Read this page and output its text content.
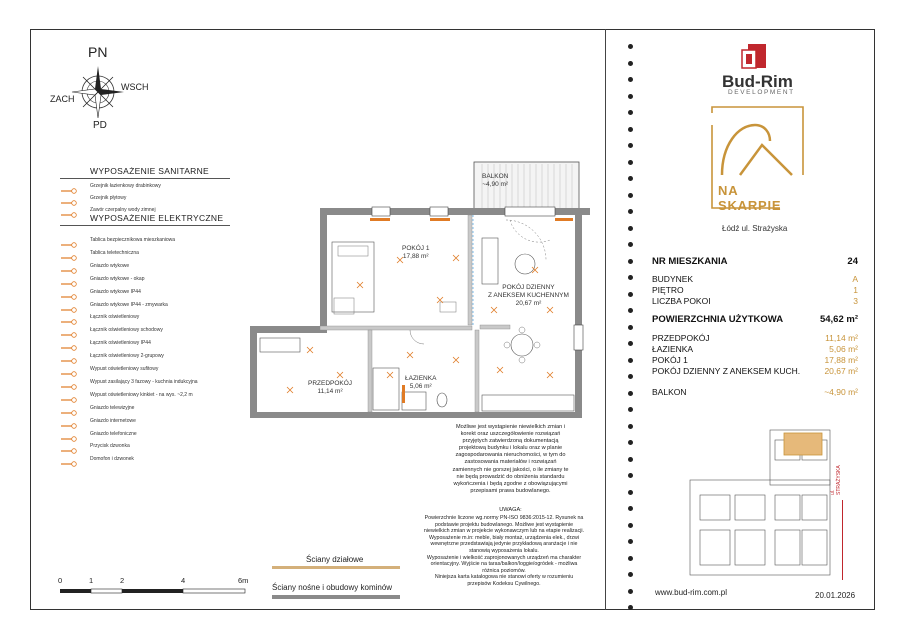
PN
PD
ZACH
WSCH
WYPOSAŻENIE SANITARNE
Grzejnik łazienkowy drabinkowy
Grzejnik płytowy
Zawór czerpalny wody zimnej
WYPOSAŻENIE ELEKTRYCZNE
Tablica bezpiecznikowa mieszkaniowa
Tablica teletechniczna
Gniazdo wtykowe
Gniazdo wtykowe - okap
Gniazdo wtykowe IP44
Gniazdo wtykowe IP44 - zmywarka
Łącznik oświetleniowy
Łącznik oświetleniowy schodowy
Łącznik oświetleniowy IP44
Łącznik oświetleniowy 2-grupowy
Wypust oświetleniowy sufitowy
Wypust zasilający 3 fazowy - kuchnia indukcyjna
Wypust oświetleniowy kinkiet - na wys. ~2,2 m
Gniazdo telewizyjne
Gniazdo internetowe
Gniazdo telefoniczne
Przycisk dzwonka
Domofon i dzwonek
BALKON
~4,90 m²
POKÓJ 1
17,88 m²
POKÓJ DZIENNY
Z ANEKSEM KUCHENNYM
20,67 m²
PRZEDPOKÓJ
11,14 m²
ŁAZIENKA
5,06 m²
Możliwe jest wystąpienie niewielkich zmian i
korekt oraz uszczegółowienie rozwiązań
przyjętych zatwierdzoną dokumentacją
projektową budynku i lokalu oraz w planie
zagospodarowania nieruchomości, w tym do
zastosowania materiałów i rozwiązań
zamiennych nie gorszej jakości, o ile zmiany te
nie będą prowadzić do obniżenia standardu
wykończenia i będą zgodne z obowiązującymi
przepisami prawa budowlanego.
UWAGA:
Powierzchnie liczone wg.normy PN-ISO 9836:2015-12. Rysunek na
podstawie projektu budowlanego. Możliwe jest wystąpienie
niewielkich zmian w projekcie wykonawczym lub na etapie realizacji.
Wyposażenie m.in: meble, biały montaż, urządzenia elek., drzwi
wewnętrzne przedstawiają jedynie przykładową aranżacje i nie
stanowią wyposażenia lokalu.
Wyposażenie i wielkość zaprojonowanych urządzeń ma charakter
orientacyjny. Wyjście na taras/balkon/loggie/ogródek - możliwa
różnica poziomów.
Niniejsza karta katalogowa nie stanowi oferty w rozumieniu
przepisów Kodeksu Cywilnego.
0	1	2	4	6m
Ściany działowe
Ściany nośne i obudowy kominów
Bud-Rim
DEVELOPMENT
NA SKARPIE
Łódź ul. Strażyska
NR MIESZKANIA	24
BUDYNEK	A
PIĘTRO	1
LICZBA POKOI	3
POWIERZCHNIA UŻYTKOWA	54,62 m²
PRZEDPOKÓJ	11,14 m²
ŁAZIENKA	5,06 m²
POKÓJ 1	17,88 m²
POKÓJ DZIENNY Z ANEKSEM KUCH.	20,67 m²
BALKON	~4,90 m²
ul. STRAŻYSKA
www.bud-rim.com.pl	20.01.2026
